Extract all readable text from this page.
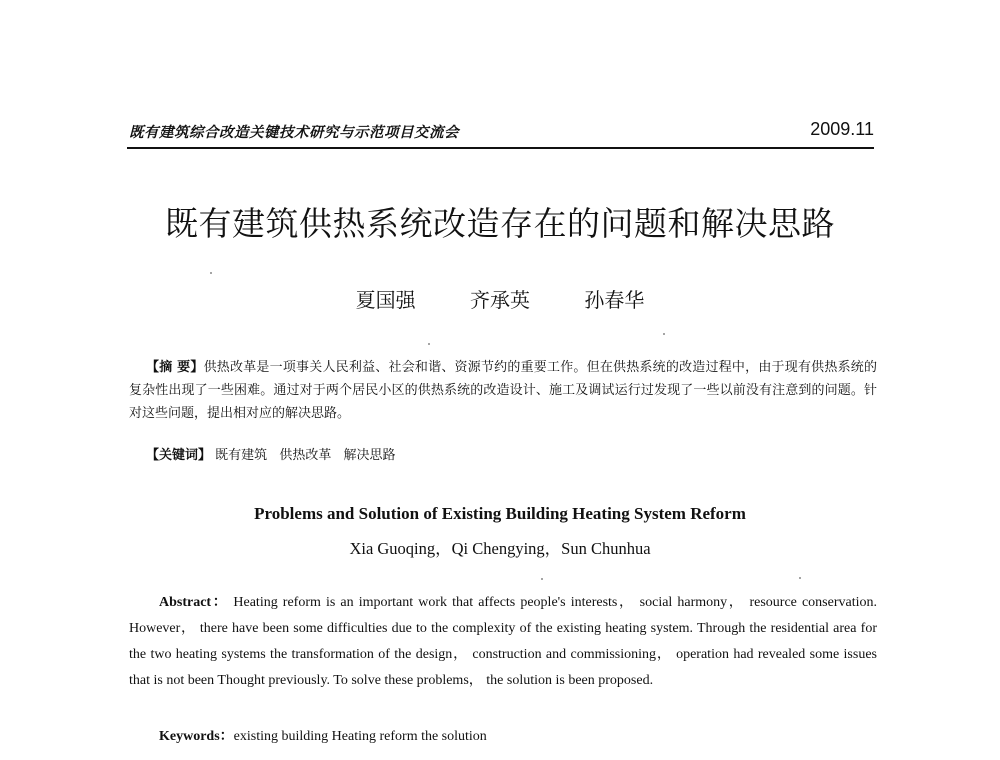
既有建筑综合改造关键技术研究与示范项目交流会	2009.11
既有建筑供热系统改造存在的问题和解决思路
夏国强	齐承英	孙春华
【摘 要】供热改革是一项事关人民利益、社会和谐、资源节约的重要工作。但在供热系统的改造过程中，由于现有供热系统的复杂性出现了一些困难。通过对于两个居民小区的供热系统的改造设计、施工及调试运行过发现了一些以前没有注意到的问题。针对这些问题，提出相对应的解决思路。
【关键词】 既有建筑 供热改革 解决思路
Problems and Solution of Existing Building Heating System Reform
Xia Guoqing，Qi Chengying，Sun Chunhua
Abstract： Heating reform is an important work that affects people's interests， social harmony， resource conservation. However， there have been some difficulties due to the complexity of the existing heating system. Through the residential area for the two heating systems the transformation of the design， construction and commissioning， operation had revealed some issues that is not been Thought previously. To solve these problems， the solution is been proposed.
Keywords：existing building Heating reform the solution
